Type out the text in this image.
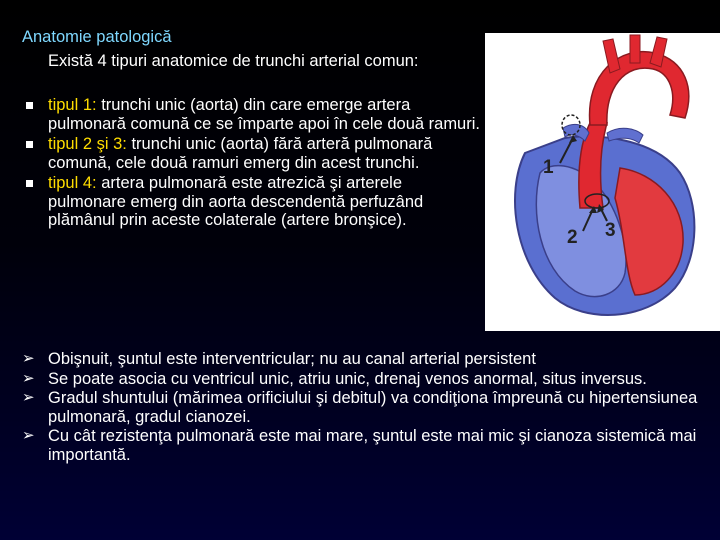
Anatomie patologică
Există 4 tipuri anatomice de trunchi arterial comun:
tipul 1: trunchi unic (aorta) din care emerge artera pulmonară comună ce se împarte apoi în cele două ramuri.
tipul 2 şi 3: trunchi unic (aorta) fără arteră pulmonară comună, cele două ramuri emerg din acest trunchi.
tipul 4: artera pulmonară este atrezică şi arterele pulmonare emerg din aorta descendentă perfuzând plămânul prin aceste colaterale (artere bronşice).
1
2 3
➢ Obişnuit, şuntul este interventricular; nu au canal arterial persistent
➢ Se poate asocia cu ventricul unic, atriu unic, drenaj venos anormal, situs inversus.
➢ Gradul shuntului (mărimea orificiului şi debitul) va condiţiona împreună cu hipertensiunea pulmonară, gradul cianozei.
➢ Cu cât rezistenţa pulmonară este mai mare, şuntul este mai mic şi cianoza sistemică mai importantă.
